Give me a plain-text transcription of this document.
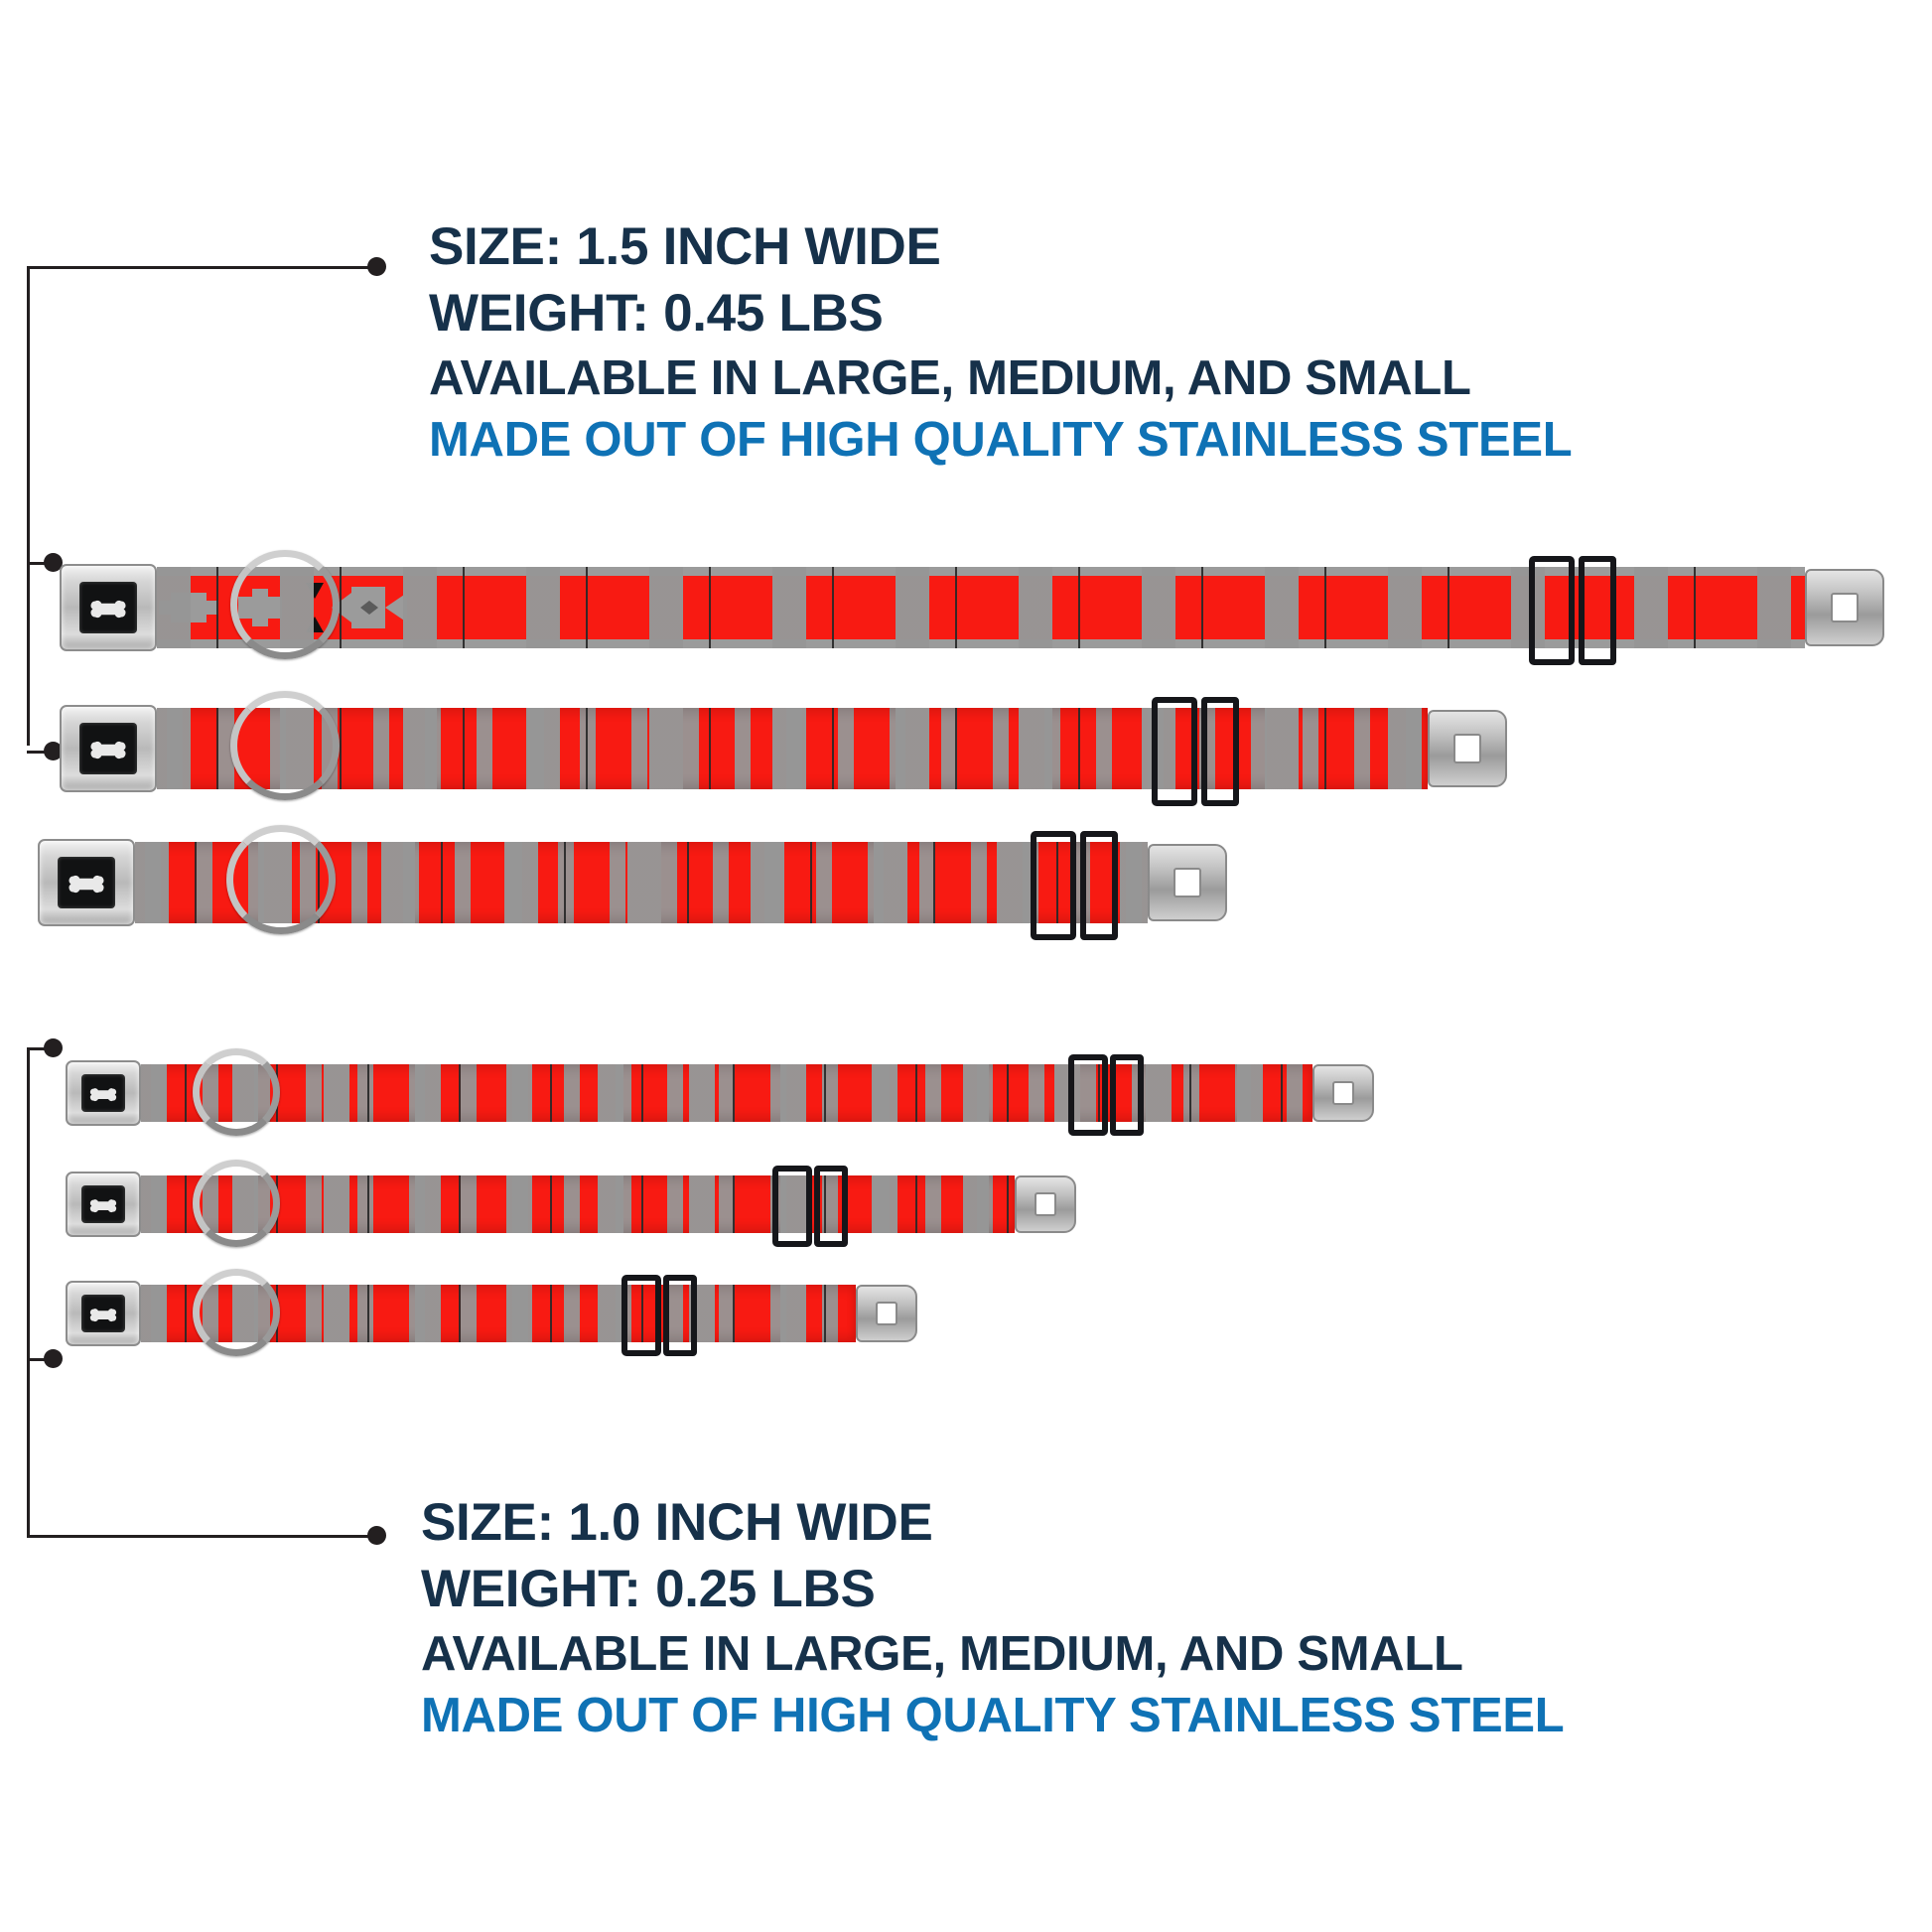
SIZE: 1.5 INCH WIDE
WEIGHT: 0.45 LBS
AVAILABLE IN LARGE, MEDIUM, AND SMALL
MADE OUT OF HIGH QUALITY STAINLESS STEEL
SIZE: 1.0 INCH WIDE
WEIGHT: 0.25 LBS
AVAILABLE IN LARGE, MEDIUM, AND SMALL
MADE OUT OF HIGH QUALITY STAINLESS STEEL
